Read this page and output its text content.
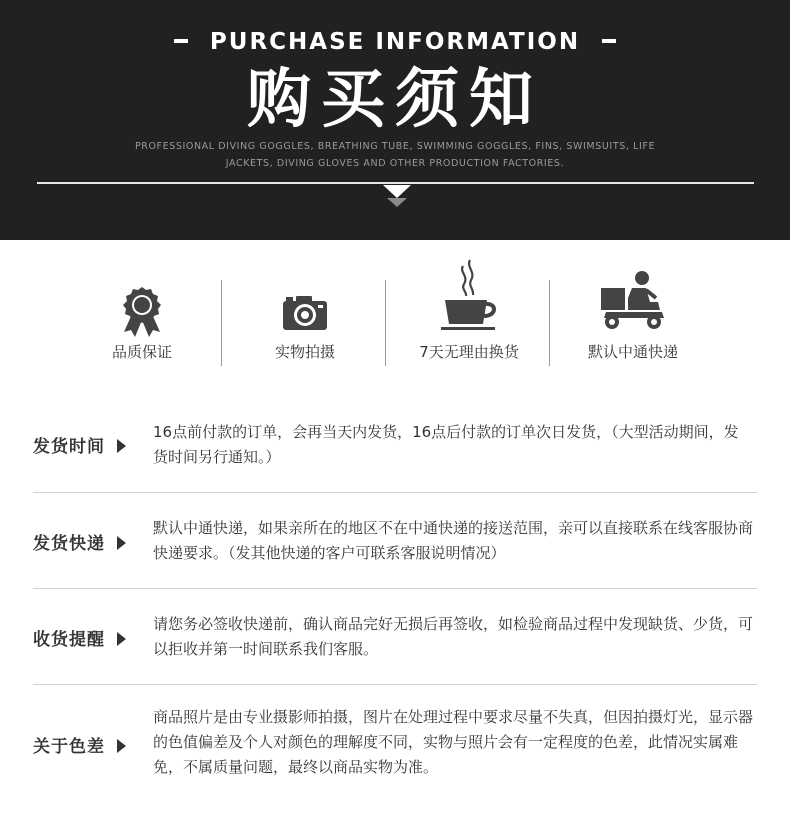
PURCHASE INFORMATION
购买须知
PROFESSIONAL DIVING GOGGLES, BREATHING TUBE, SWIMMING GOGGLES, FINS, SWIMSUITS, LIFE
JACKETS, DIVING GLOVES AND OTHER PRODUCTION FACTORIES.
品质保证	实物拍摄	7天无理由换货	默认中通快递
发货时间
16点前付款的订单，会再当天内发货，16点后付款的订单次日发货，（大型活动期间，发货时间另行通知。）
发货快递
默认中通快递，如果亲所在的地区不在中通快递的接送范围，亲可以直接联系在线客服协商快递要求。（发其他快递的客户可联系客服说明情况）
收货提醒
请您务必签收快递前，确认商品完好无损后再签收，如检验商品过程中发现缺货、少货，可以拒收并第一时间联系我们客服。
关于色差
商品照片是由专业摄影师拍摄，图片在处理过程中要求尽量不失真，但因拍摄灯光，显示器的色值偏差及个人对颜色的理解度不同，实物与照片会有一定程度的色差，此情况实属难免，不属质量问题，最终以商品实物为准。
